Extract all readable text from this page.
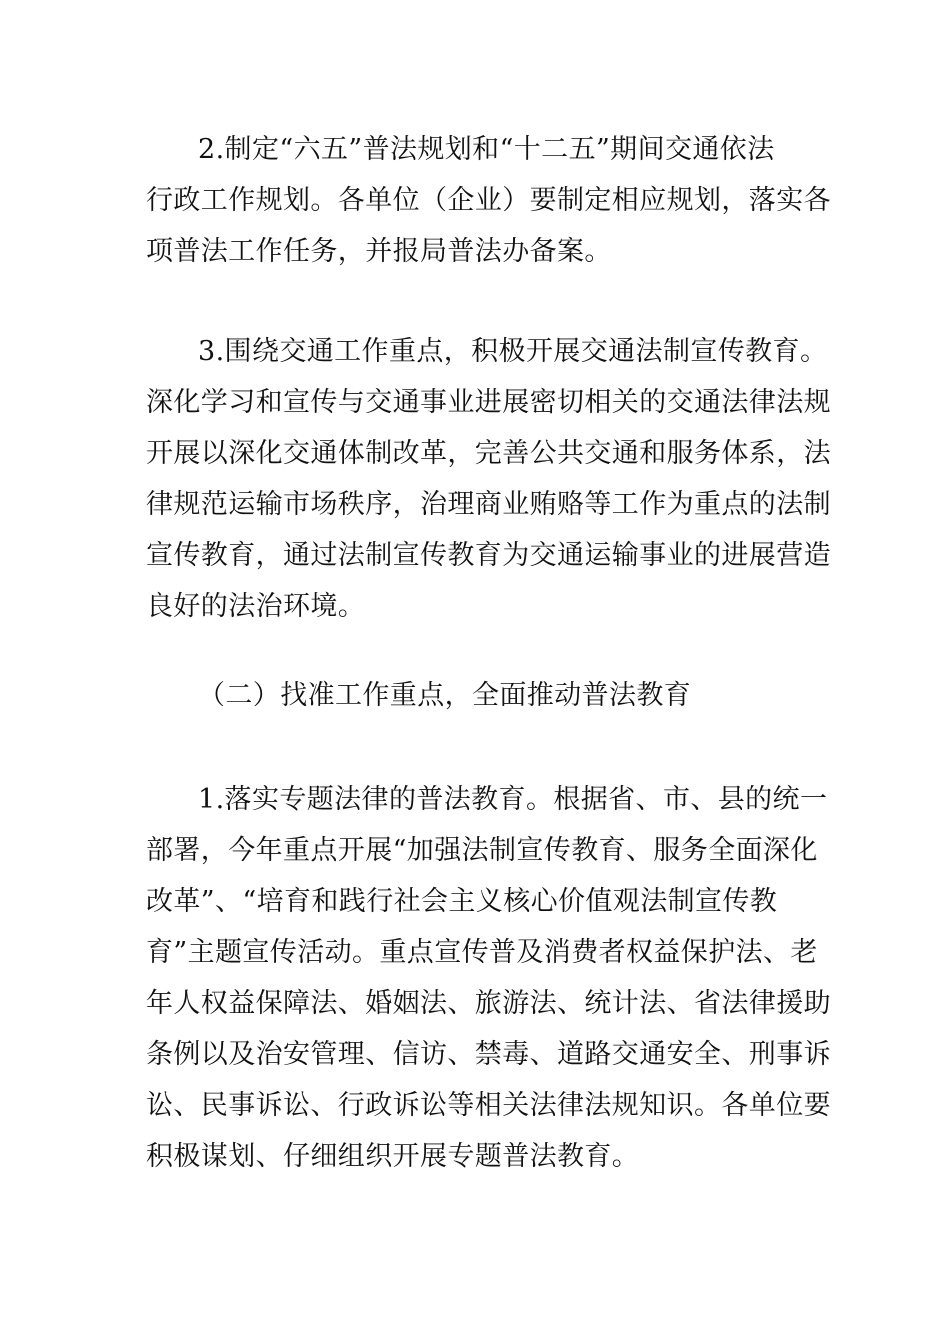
2.制定“六五”普法规划和“十二五”期间交通依法
行政工作规划。各单位（企业）要制定相应规划，落实各
项普法工作任务，并报局普法办备案。
3.围绕交通工作重点，积极开展交通法制宣传教育。
深化学习和宣传与交通事业进展密切相关的交通法律法规
开展以深化交通体制改革，完善公共交通和服务体系，法
律规范运输市场秩序，治理商业贿赂等工作为重点的法制
宣传教育，通过法制宣传教育为交通运输事业的进展营造
良好的法治环境。
（二）找准工作重点，全面推动普法教育
1.落实专题法律的普法教育。根据省、市、县的统一
部署，今年重点开展“加强法制宣传教育、服务全面深化
改革”、“培育和践行社会主义核心价值观法制宣传教
育”主题宣传活动。重点宣传普及消费者权益保护法、老
年人权益保障法、婚姻法、旅游法、统计法、省法律援助
条例以及治安管理、信访、禁毒、道路交通安全、刑事诉
讼、民事诉讼、行政诉讼等相关法律法规知识。各单位要
积极谋划、仔细组织开展专题普法教育。
